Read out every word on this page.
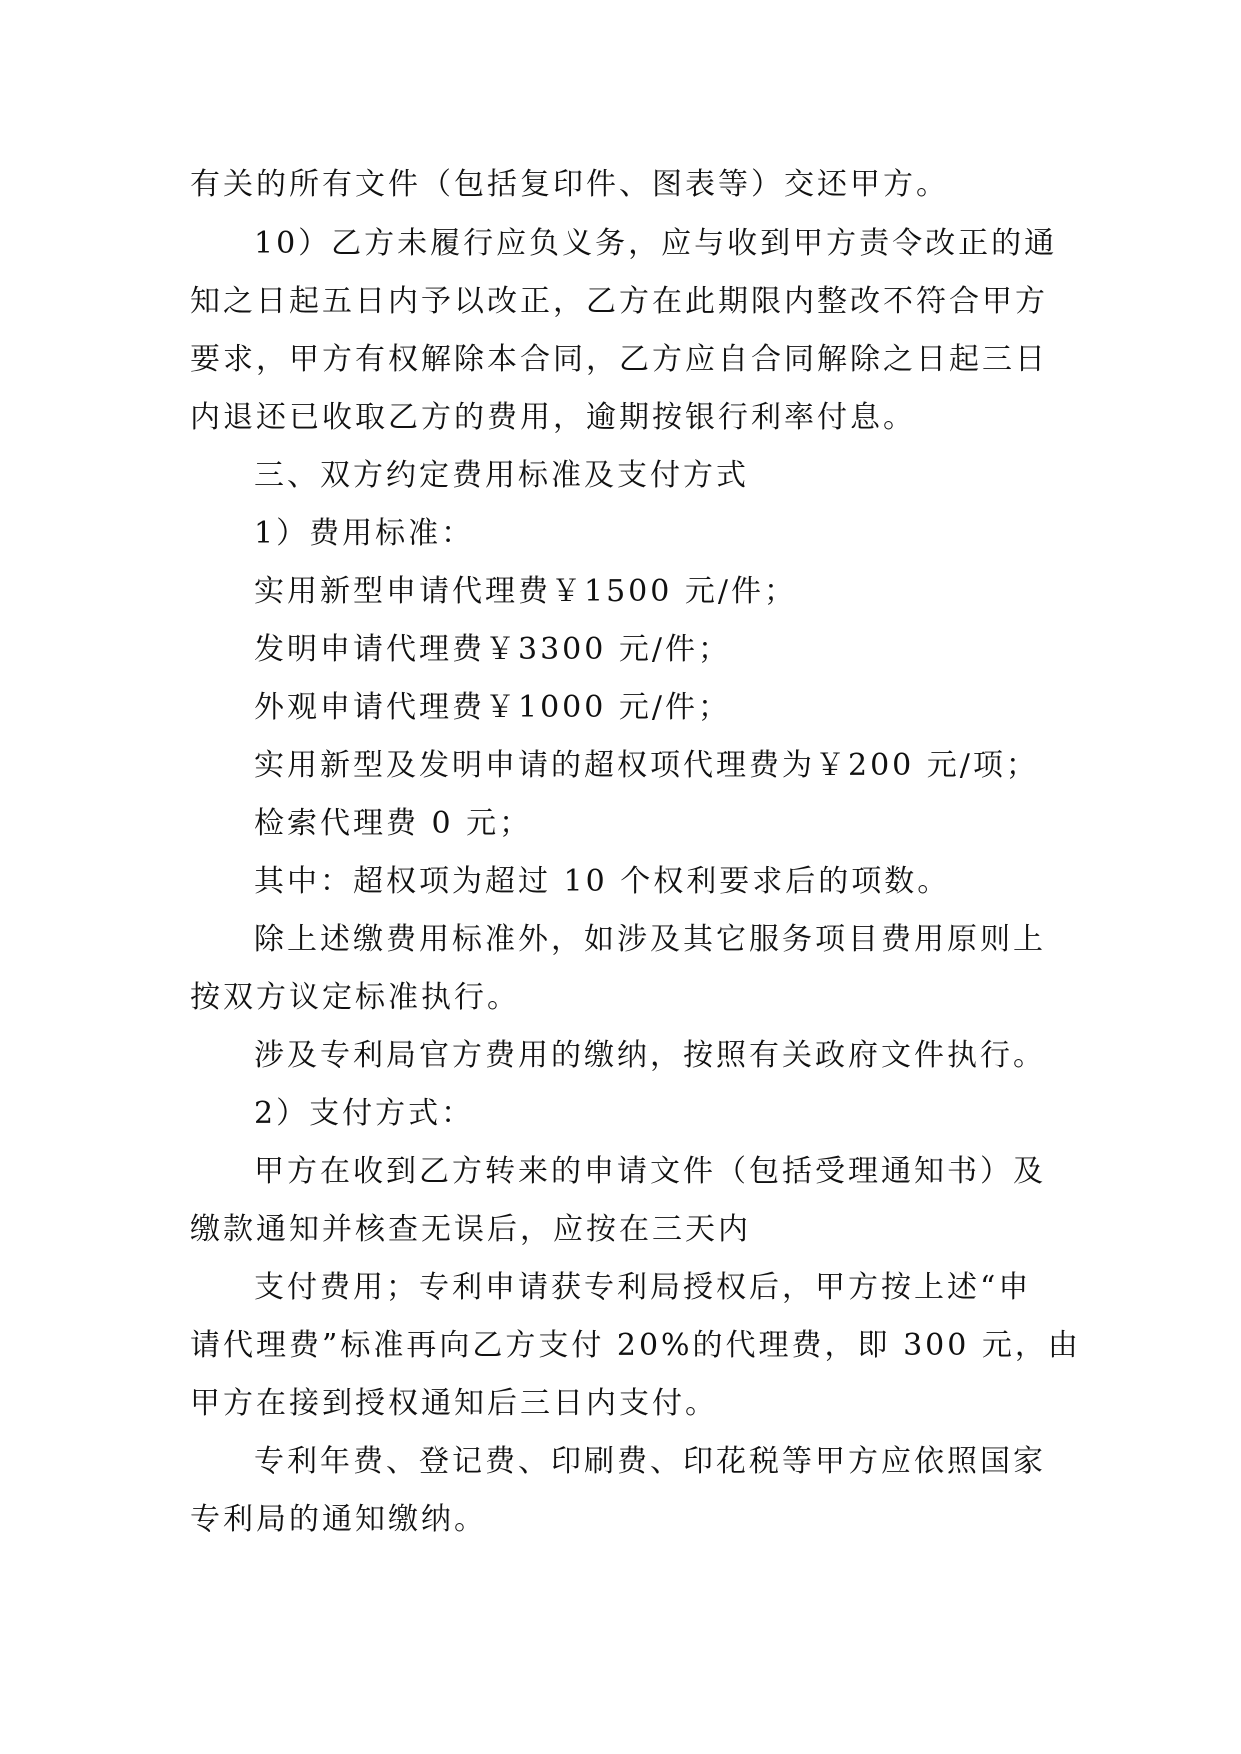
有关的所有文件（包括复印件、图表等）交还甲方。
10）乙方未履行应负义务，应与收到甲方责令改正的通
知之日起五日内予以改正，乙方在此期限内整改不符合甲方
要求，甲方有权解除本合同，乙方应自合同解除之日起三日
内退还已收取乙方的费用，逾期按银行利率付息。
三、双方约定费用标准及支付方式
1）费用标准：
实用新型申请代理费￥1500 元/件；
发明申请代理费￥3300 元/件；
外观申请代理费￥1000 元/件；
实用新型及发明申请的超权项代理费为￥200 元/项；
检索代理费 0 元；
其中：超权项为超过 10 个权利要求后的项数。
除上述缴费用标准外，如涉及其它服务项目费用原则上
按双方议定标准执行。
涉及专利局官方费用的缴纳，按照有关政府文件执行。
2）支付方式：
甲方在收到乙方转来的申请文件（包括受理通知书）及
缴款通知并核查无误后，应按在三天内
支付费用；专利申请获专利局授权后，甲方按上述“申
请代理费”标准再向乙方支付 20%的代理费，即 300 元，由
甲方在接到授权通知后三日内支付。
专利年费、登记费、印刷费、印花税等甲方应依照国家
专利局的通知缴纳。
